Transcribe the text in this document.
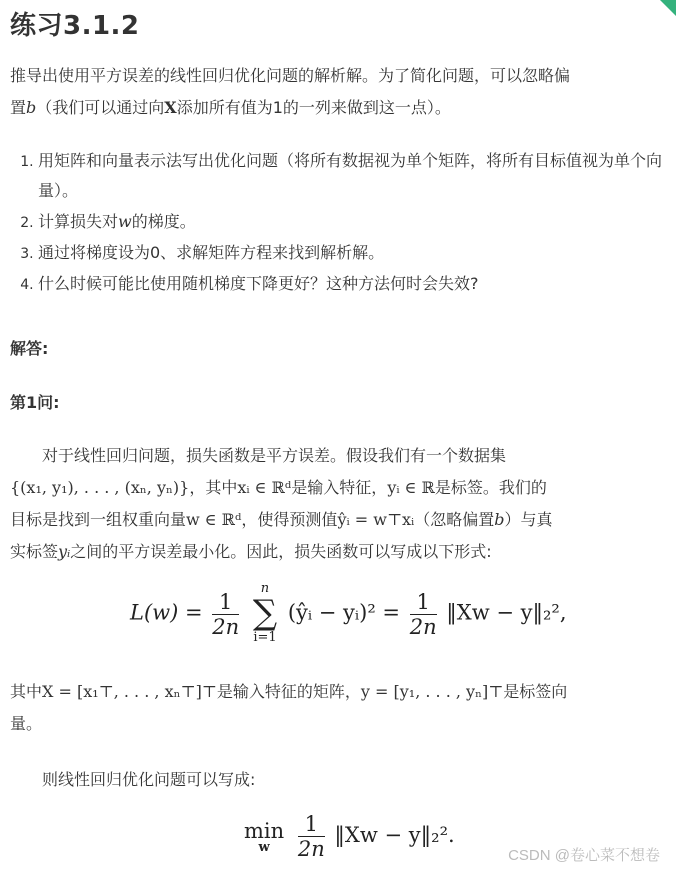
练习3.1.2

推导出使用平方误差的线性回归优化问题的解析解。为了简化问题，可以忽略偏
置b（我们可以通过向X添加所有值为1的一列来做到这一点）。

1. 用矩阵和向量表示法写出优化问题（将所有数据视为单个矩阵，将所有目标值视为单个向量）。
2. 计算损失对w的梯度。
3. 通过将梯度设为0、求解矩阵方程来找到解析解。
4. 什么时候可能比使用随机梯度下降更好？这种方法何时会失效?

解答:

第1问:

对于线性回归问题，损失函数是平方误差。假设我们有一个数据集
{(x₁, y₁), . . . , (xₙ, yₙ)}，其中xᵢ ∈ ℝᵈ是输入特征，yᵢ ∈ ℝ是标签。我们的
目标是找到一组权重向量w ∈ ℝᵈ，使得预测值ŷᵢ = w⊤xᵢ（忽略偏置b）与真
实标签yᵢ之间的平方误差最小化。因此，损失函数可以写成以下形式:

$L(w) = \frac{1}{2n}$

n
∑
i=1
(ŷᵢ − yᵢ)² = $\frac{1}{2n}$ ‖Xw − y‖₂²,

其中X = [x₁⊤, . . . , xₙ⊤]⊤是输入特征的矩阵，y = [y₁, . . . , yₙ]⊤是标签向
量。

则线性回归优化问题可以写成:

min
w
	$\frac{1}{2n}$ ‖Xw − y‖₂².
CSDN @卷心菜不想卷
